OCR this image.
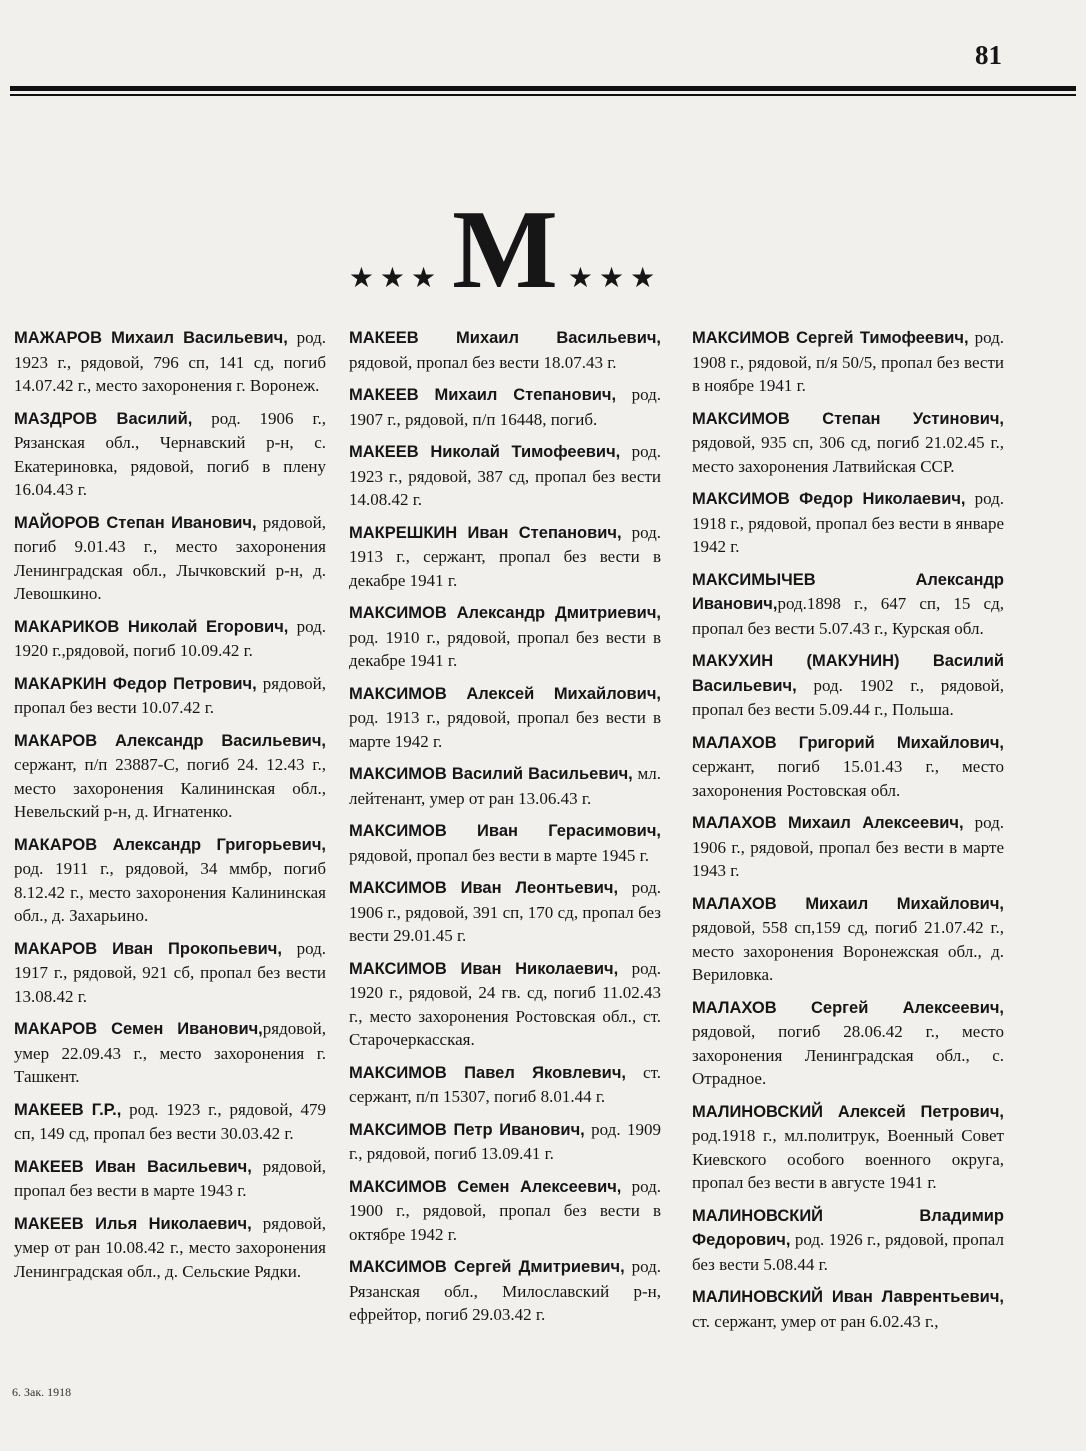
81
★★★ М ★★★

МАЖАРОВ Михаил Васильевич, род. 1923 г., рядовой, 796 сп, 141 сд, погиб 14.07.42 г., место захоронения г. Воронеж.

МАЗДРОВ Василий, род. 1906 г., Рязанская обл., Чернавский р-н, с. Екатериновка, рядовой, погиб в плену 16.04.43 г.

МАЙОРОВ Степан Иванович, рядовой, погиб 9.01.43 г., место захоронения Ленинградская обл., Лычковский р-н, д. Левошкино.

МАКАРИКОВ Николай Егорович, род. 1920 г.,рядовой, погиб 10.09.42 г.

МАКАРКИН Федор Петрович, рядовой, пропал без вести 10.07.42 г.

МАКАРОВ Александр Васильевич, сержант, п/п 23887-С, погиб 24. 12.43 г., место захоронения Калининская обл., Невельский р-н, д. Игнатенко.

МАКАРОВ Александр Григорьевич, род. 1911 г., рядовой, 34 ммбр, погиб 8.12.42 г., место захоронения Калининская обл., д. Захарьино.

МАКАРОВ Иван Прокопьевич, род. 1917 г., рядовой, 921 сб, пропал без вести 13.08.42 г.

МАКАРОВ Семен Иванович,рядовой, умер 22.09.43 г., место захоронения г. Ташкент.

МАКЕЕВ Г.Р., род. 1923 г., рядовой, 479 сп, 149 сд, пропал без вести 30.03.42 г.

МАКЕЕВ Иван Васильевич, рядовой, пропал без вести в марте 1943 г.

МАКЕЕВ Илья Николаевич, рядовой, умер от ран 10.08.42 г., место захоронения Ленинградская обл., д. Сельские Рядки.

МАКЕЕВ Михаил Васильевич, рядовой, пропал без вести 18.07.43 г.

МАКЕЕВ Михаил Степанович, род. 1907 г., рядовой, п/п 16448, погиб.

МАКЕЕВ Николай Тимофеевич, род. 1923 г., рядовой, 387 сд, пропал без вести 14.08.42 г.

МАКРЕШКИН Иван Степанович, род. 1913 г., сержант, пропал без вести в декабре 1941 г.

МАКСИМОВ Александр Дмитриевич, род. 1910 г., рядовой, пропал без вести в декабре 1941 г.

МАКСИМОВ Алексей Михайлович, род. 1913 г., рядовой, пропал без вести в марте 1942 г.

МАКСИМОВ Василий Васильевич, мл. лейтенант, умер от ран 13.06.43 г.

МАКСИМОВ Иван Герасимович, рядовой, пропал без вести в марте 1945 г.

МАКСИМОВ Иван Леонтьевич, род. 1906 г., рядовой, 391 сп, 170 сд, пропал без вести 29.01.45 г.

МАКСИМОВ Иван Николаевич, род. 1920 г., рядовой, 24 гв. сд, погиб 11.02.43 г., место захоронения Ростовская обл., ст. Старочеркасская.

МАКСИМОВ Павел Яковлевич, ст. сержант, п/п 15307, погиб 8.01.44 г.

МАКСИМОВ Петр Иванович, род. 1909 г., рядовой, погиб 13.09.41 г.

МАКСИМОВ Семен Алексеевич, род. 1900 г., рядовой, пропал без вести в октябре 1942 г.

МАКСИМОВ Сергей Дмитриевич, род. Рязанская обл., Милославский р-н, ефрейтор, погиб 29.03.42 г.

МАКСИМОВ Сергей Тимофеевич, род. 1908 г., рядовой, п/я 50/5, пропал без вести в ноябре 1941 г.

МАКСИМОВ Степан Устинович, рядовой, 935 сп, 306 сд, погиб 21.02.45 г., место захоронения Латвийская ССР.

МАКСИМОВ Федор Николаевич, род. 1918 г., рядовой, пропал без вести в январе 1942 г.

МАКСИМЫЧЕВ Александр Иванович,род.1898 г., 647 сп, 15 сд, пропал без вести 5.07.43 г., Курская обл.

МАКУХИН (МАКУНИН) Василий Васильевич, род. 1902 г., рядовой, пропал без вести 5.09.44 г., Польша.

МАЛАХОВ Григорий Михайлович, сержант, погиб 15.01.43 г., место захоронения Ростовская обл.

МАЛАХОВ Михаил Алексеевич, род. 1906 г., рядовой, пропал без вести в марте 1943 г.

МАЛАХОВ Михаил Михайлович, рядовой, 558 сп,159 сд, погиб 21.07.42 г., место захоронения Воронежская обл., д. Вериловка.

МАЛАХОВ Сергей Алексеевич, рядовой, погиб 28.06.42 г., место захоронения Ленинградская обл., с. Отрадное.

МАЛИНОВСКИЙ Алексей Петрович, род.1918 г., мл.политрук, Военный Совет Киевского особого военного округа, пропал без вести в августе 1941 г.

МАЛИНОВСКИЙ Владимир Федорович, род. 1926 г., рядовой, пропал без вести 5.08.44 г.

МАЛИНОВСКИЙ Иван Лаврентьевич, ст. сержант, умер от ран 6.02.43 г.,

6. Зак. 1918
